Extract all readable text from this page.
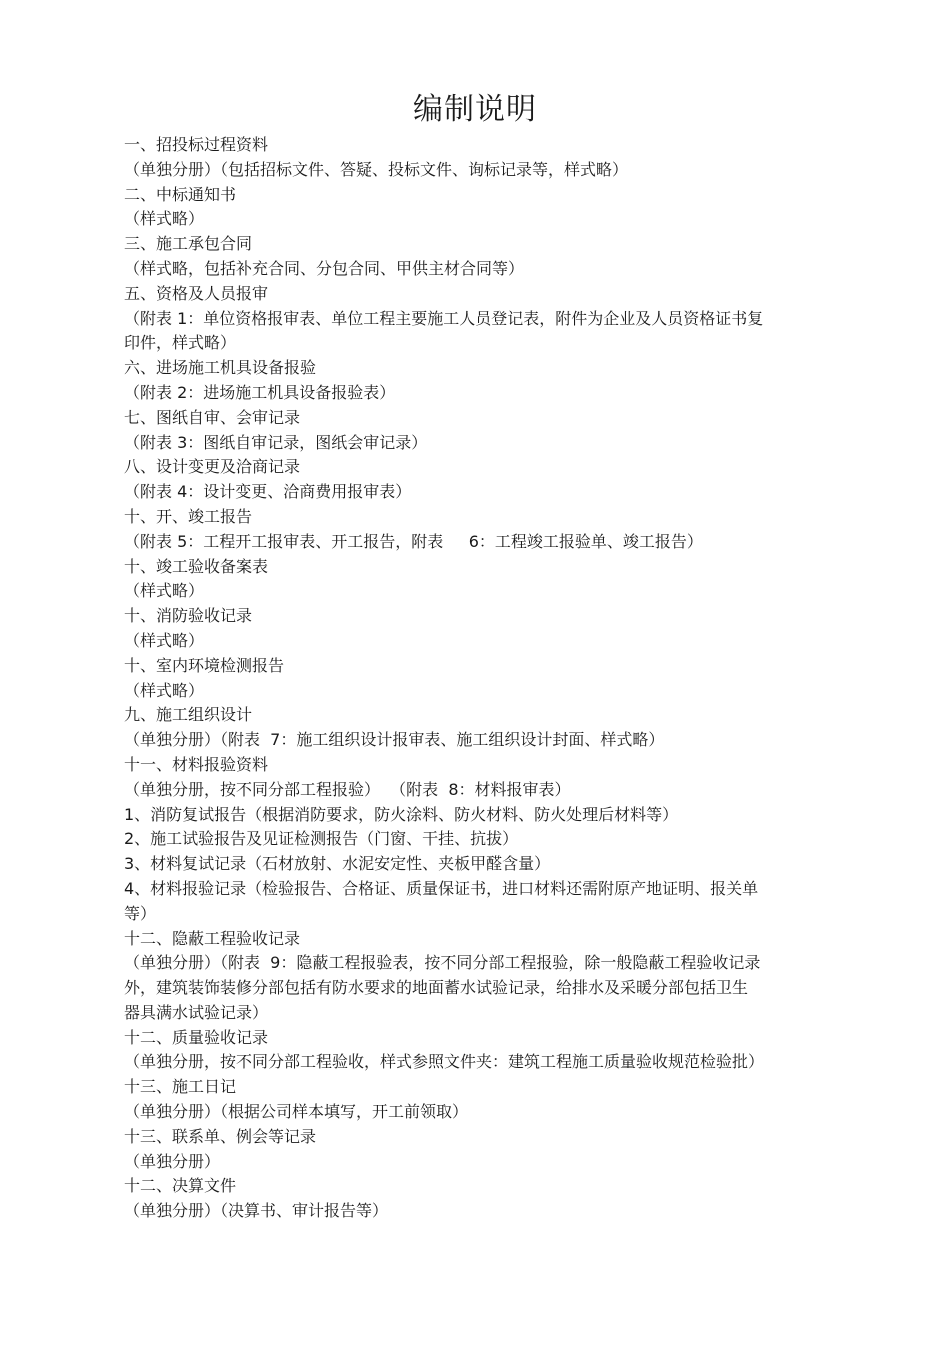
编制说明
一、招投标过程资料
（单独分册）（包括招标文件、答疑、投标文件、询标记录等，样式略）
二、中标通知书
（样式略）
三、施工承包合同
（样式略，包括补充合同、分包合同、甲供主材合同等）
五、资格及人员报审
（附表 1：单位资格报审表、单位工程主要施工人员登记表，附件为企业及人员资格证书复
印件，样式略）
六、进场施工机具设备报验
（附表 2：进场施工机具设备报验表）
七、图纸自审、会审记录
（附表 3：图纸自审记录，图纸会审记录）
八、设计变更及洽商记录
（附表 4：设计变更、洽商费用报审表）
十、开、竣工报告
（附表 5：工程开工报审表、开工报告，附表     6：工程竣工报验单、竣工报告）
十、竣工验收备案表
（样式略）
十、消防验收记录
（样式略）
十、室内环境检测报告
（样式略）
九、施工组织设计
（单独分册）（附表  7：施工组织设计报审表、施工组织设计封面、样式略）
十一、材料报验资料
（单独分册，按不同分部工程报验）  （附表  8：材料报审表）
1、消防复试报告（根据消防要求，防火涂料、防火材料、防火处理后材料等）
2、施工试验报告及见证检测报告（门窗、干挂、抗拔）
3、材料复试记录（石材放射、水泥安定性、夹板甲醛含量）
4、材料报验记录（检验报告、合格证、质量保证书，进口材料还需附原产地证明、报关单
等）
十二、隐蔽工程验收记录
（单独分册）（附表  9：隐蔽工程报验表，按不同分部工程报验，除一般隐蔽工程验收记录
外，建筑装饰装修分部包括有防水要求的地面蓄水试验记录，给排水及采暖分部包括卫生
器具满水试验记录）
十二、质量验收记录
（单独分册，按不同分部工程验收，样式参照文件夹：建筑工程施工质量验收规范检验批）
十三、施工日记
（单独分册）（根据公司样本填写，开工前领取）
十三、联系单、例会等记录
（单独分册）
十二、决算文件
（单独分册）（决算书、审计报告等）
